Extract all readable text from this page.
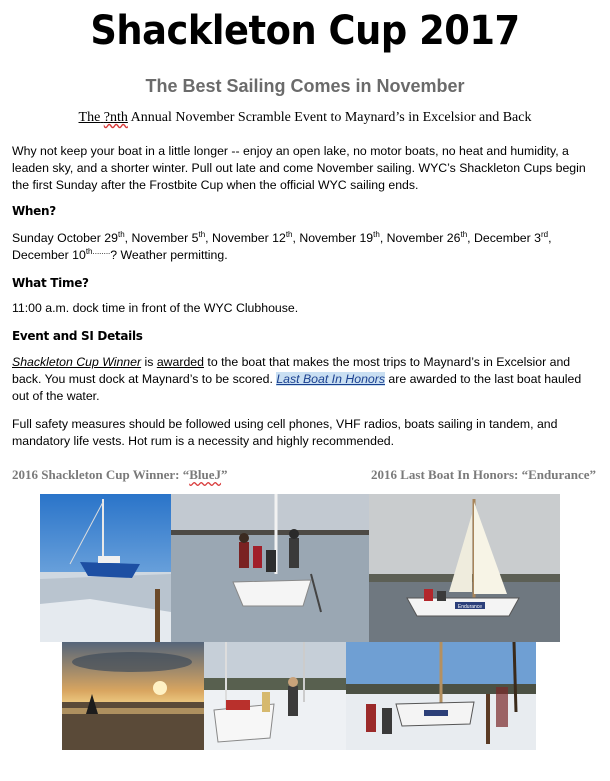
Shackleton Cup 2017
The Best Sailing Comes in November
The ?nth Annual November Scramble Event to Maynard’s in Excelsior and Back
Why not keep your boat in a little longer -- enjoy an open lake, no motor boats, no heat and humidity, a leaden sky, and a shorter winter. Pull out late and come November sailing. WYC’s Shackleton Cups begin the first Sunday after the Frostbite Cup when the official WYC sailing ends.
When?
Sunday October 29th, November 5th, November 12th, November 19th, November 26th, December 3rd, December $10^{th........}$? Weather permitting.
What Time?
11:00 a.m. dock time in front of the WYC Clubhouse.
Event and SI Details
Shackleton Cup Winner is awarded to the boat that makes the most trips to Maynard’s in Excelsior and back. You must dock at Maynard’s to be scored. Last Boat In Honors are awarded to the last boat hauled out of the water.
Full safety measures should be followed using cell phones, VHF radios, boats sailing in tandem, and mandatory life vests. Hot rum is a necessity and highly recommended.
2016 Shackleton Cup Winner: “BlueJ”	2016 Last Boat In Honors: “Endurance”
Endurance
